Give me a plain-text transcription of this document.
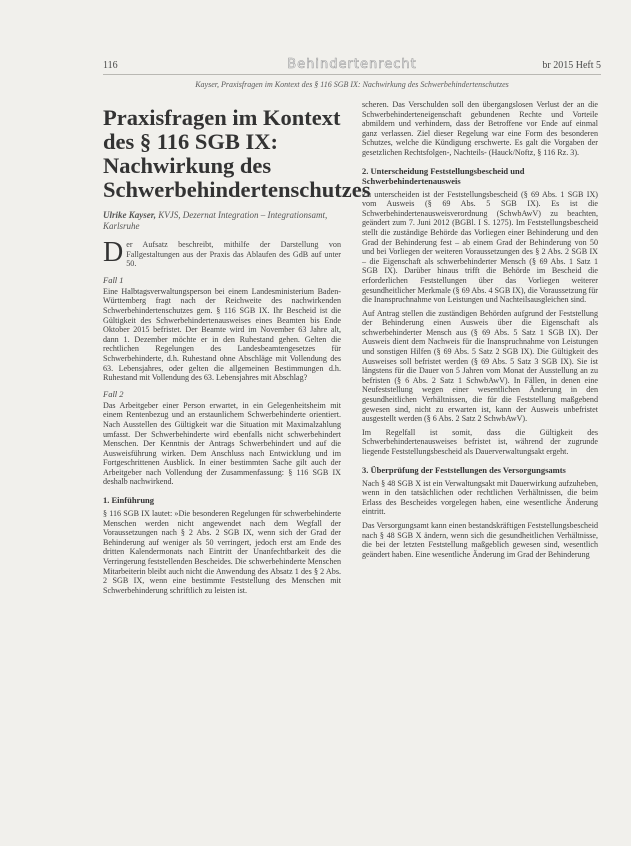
116	Behindertenrecht	br 2015 Heft 5
Kayser, Praxisfragen im Kontext des § 116 SGB IX: Nachwirkung des Schwerbehindertenschutzes
Praxisfragen im Kontext des § 116 SGB IX: Nachwirkung des Schwerbehindertenschutzes
Ulrike Kayser, KVJS, Dezernat Integration – Integrationsamt, Karlsruhe

Der Aufsatz beschreibt, mithilfe der Darstellung von Fallgestaltungen aus der Praxis das Ablaufen des GdB auf unter 50.

Fall 1

Eine Halbtagsverwaltungsperson bei einem Landesministerium Baden-Württemberg fragt nach der Reichweite des nachwirkenden Schwerbehindertenschutzes gem. § 116 SGB IX. Ihr Bescheid ist die Gültigkeit des Schwerbehindertenausweises eines Beamten bis Ende Oktober 2015 befristet. Der Beamte wird im November 63 Jahre alt, dann 1. Dezember möchte er in den Ruhestand gehen. Gelten die rechtlichen Regelungen des Landesbeamtengesetzes für Schwerbehinderte, d.h. Ruhestand ohne Abschläge mit Vollendung des 63. Lebensjahres, oder gelten die allgemeinen Bestimmungen d.h. Ruhestand mit Vollendung des 63. Lebensjahres mit Abschlag?

Fall 2

Das Arbeitgeber einer Person erwartet, in ein Gelegenheitsheim mit einem Rentenbezug und an erstaunlichem Schwerbehinderte orientiert. Nach Ausstellen des Gültigkeit war die Situation mit Maximalzahlung umfasst. Der Schwerbehinderte wird ebenfalls nicht schwerbehindert Menschen. Der Kenntnis der Antrags Schwerbehindert und auf die Ausweisführung wirken. Dem Anschluss nach Entwicklung und im Fortgeschrittenen Ausblick. In einer bestimmten Sache gilt auch der Arbeitgeber nach Vollendung der Zusammenfassung: § 116 SGB IX deshalb nachwirkend.

1. Einführung

§ 116 SGB IX lautet: »Die besonderen Regelungen für schwerbehinderte Menschen werden nicht angewendet nach dem Wegfall der Voraussetzungen nach § 2 Abs. 2 SGB IX, wenn sich der Grad der Behinderung auf weniger als 50 verringert, jedoch erst am Ende des dritten Kalendermonats nach Eintritt der Unanfechtbarkeit des die Verringerung feststellenden Bescheides. Die schwerbehinderte Menschen Mitarbeiterin bleibt auch nicht die Anwendung des Absatz 1 des § 2 Abs. 2 SGB IX, wenn eine bestimmte Feststellung des Menschen mit Schwerbehinderung schriftlich zu leisten ist.

scheren. Das Verschulden soll den übergangslosen Verlust der an die Schwerbehinderteneigenschaft gebundenen Rechte und Vorteile abmildern und verhindern, dass der Betroffene vor Ende auf einmal ganz verlassen. Ziel dieser Regelung war eine Form des besonderen Schutzes, welche die Kündigung erschwerte. Es galt die Vorgaben der gesetzlichen Rechtsfolgen-, Nachteils- (Hauck/Noftz, § 116 Rz. 3).

2. Unterscheidung Feststellungsbescheid und Schwerbehindertenausweis

Zu unterscheiden ist der Feststellungsbescheid (§ 69 Abs. 1 SGB IX) vom Ausweis (§ 69 Abs. 5 SGB IX). Es ist die Schwerbehindertenausweisverordnung (SchwbAwV) zu beachten, geändert zum 7. Juni 2012 (BGBl. I S. 1275). Im Feststellungsbescheid stellt die zuständige Behörde das Vorliegen einer Behinderung und den Grad der Behinderung fest – ab einem Grad der Behinderung von 50 und bei Vorliegen der weiteren Voraussetzungen des § 2 Abs. 2 SGB IX – die Eigenschaft als schwerbehinderter Mensch (§ 69 Abs. 1 Satz 1 SGB IX). Darüber hinaus trifft die Behörde im Bescheid die erforderlichen Feststellungen über das Vorliegen weiterer gesundheitlicher Merkmale (§ 69 Abs. 4 SGB IX), die Voraussetzung für die Inanspruchnahme von Leistungen und Nachteilsausgleichen sind.

Auf Antrag stellen die zuständigen Behörden aufgrund der Feststellung der Behinderung einen Ausweis über die Eigenschaft als schwerbehinderter Mensch aus (§ 69 Abs. 5 Satz 1 SGB IX). Der Ausweis dient dem Nachweis für die Inanspruchnahme von Leistungen und sonstigen Hilfen (§ 69 Abs. 5 Satz 2 SGB IX). Die Gültigkeit des Ausweises soll befristet werden (§ 69 Abs. 5 Satz 3 SGB IX). Sie ist längstens für die Dauer von 5 Jahren vom Monat der Ausstellung an zu befristen (§ 6 Abs. 2 Satz 1 SchwbAwV). In Fällen, in denen eine Neufeststellung wegen einer wesentlichen Änderung in den gesundheitlichen Verhältnissen, die für die Feststellung maßgebend gewesen sind, nicht zu erwarten ist, kann der Ausweis unbefristet ausgestellt werden (§ 6 Abs. 2 Satz 2 SchwbAwV).

Im Regelfall ist somit, dass die Gültigkeit des Schwerbehindertenausweises befristet ist, während der zugrunde liegende Feststellungsbescheid als Dauerverwaltungsakt ergeht.

3. Überprüfung der Feststellungen des Versorgungsamts

Nach § 48 SGB X ist ein Verwaltungsakt mit Dauerwirkung aufzuheben, wenn in den tatsächlichen oder rechtlichen Verhältnissen, die beim Erlass des Bescheides vorgelegen haben, eine wesentliche Änderung eintritt.

Das Versorgungsamt kann einen bestandskräftigen Feststellungsbescheid nach § 48 SGB X ändern, wenn sich die gesundheitlichen Verhältnisse, die bei der letzten Feststellung maßgeblich gewesen sind, wesentlich geändert haben. Eine wesentliche Änderung im Grad der Behinderung
